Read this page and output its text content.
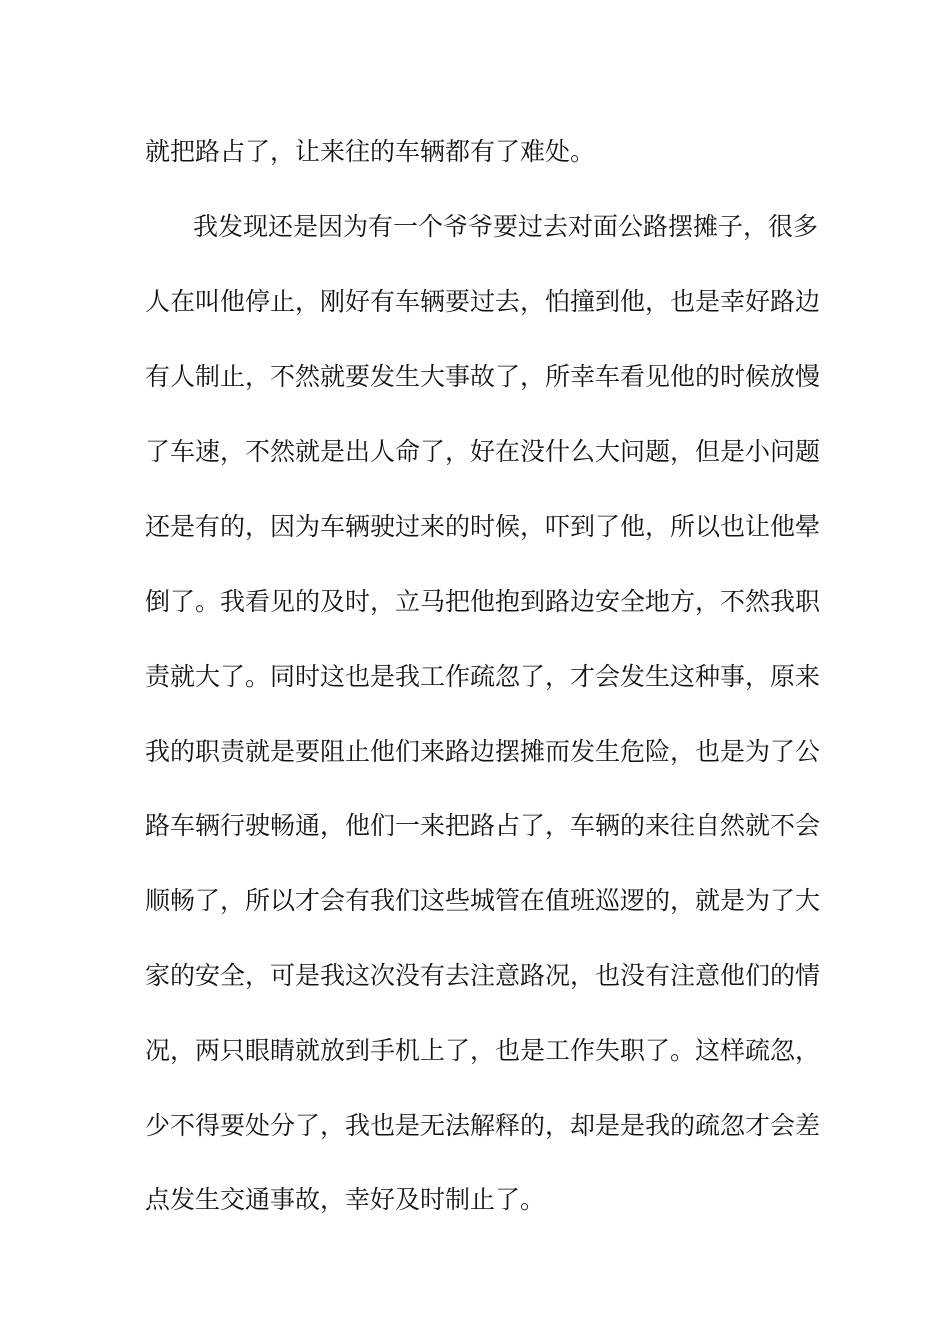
就把路占了，让来往的车辆都有了难处。
我发现还是因为有一个爷爷要过去对面公路摆摊子，很多
人在叫他停止，刚好有车辆要过去，怕撞到他，也是幸好路边
有人制止，不然就要发生大事故了，所幸车看见他的时候放慢
了车速，不然就是出人命了，好在没什么大问题，但是小问题
还是有的，因为车辆驶过来的时候，吓到了他，所以也让他晕
倒了。我看见的及时，立马把他抱到路边安全地方，不然我职
责就大了。同时这也是我工作疏忽了，才会发生这种事，原来
我的职责就是要阻止他们来路边摆摊而发生危险，也是为了公
路车辆行驶畅通，他们一来把路占了，车辆的来往自然就不会
顺畅了，所以才会有我们这些城管在值班巡逻的，就是为了大
家的安全，可是我这次没有去注意路况，也没有注意他们的情
况，两只眼睛就放到手机上了，也是工作失职了。这样疏忽，
少不得要处分了，我也是无法解释的，却是是我的疏忽才会差
点发生交通事故，幸好及时制止了。
